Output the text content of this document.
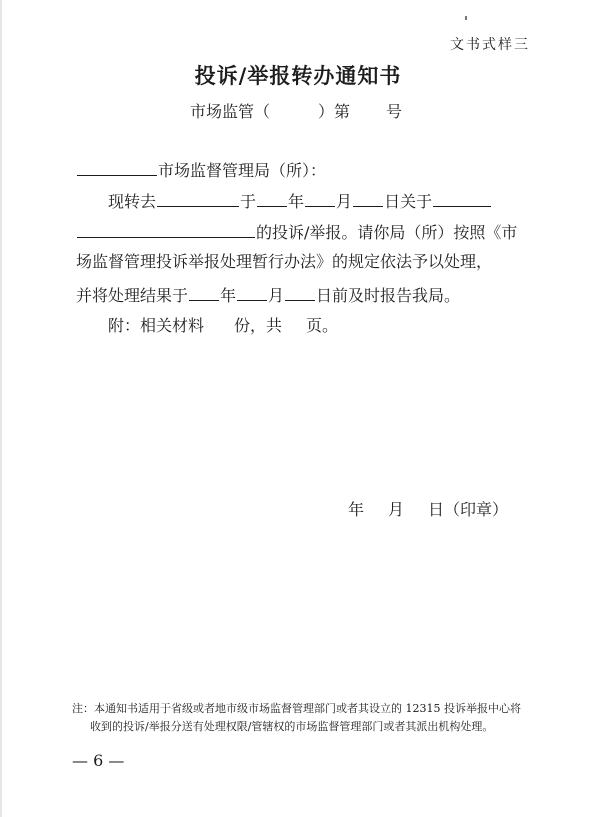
文书式样三
投诉/举报转办通知书
市场监管（	）第 号
市场监督管理局（所）：
现转去	于 年 月 日关于
的投诉/举报。请你局（所）按照《市
场监督管理投诉举报处理暂行办法》的规定依法予以处理，
并将处理结果于 年 月 日前及时报告我局。
附：相关材料 份，共 页。
年 月 日（印章）
注：本通知书适用于省级或者地市级市场监督管理部门或者其设立的 12315 投诉举报中心将
收到的投诉/举报分送有处理权限/管辖权的市场监督管理部门或者其派出机构处理。
— 6 —
